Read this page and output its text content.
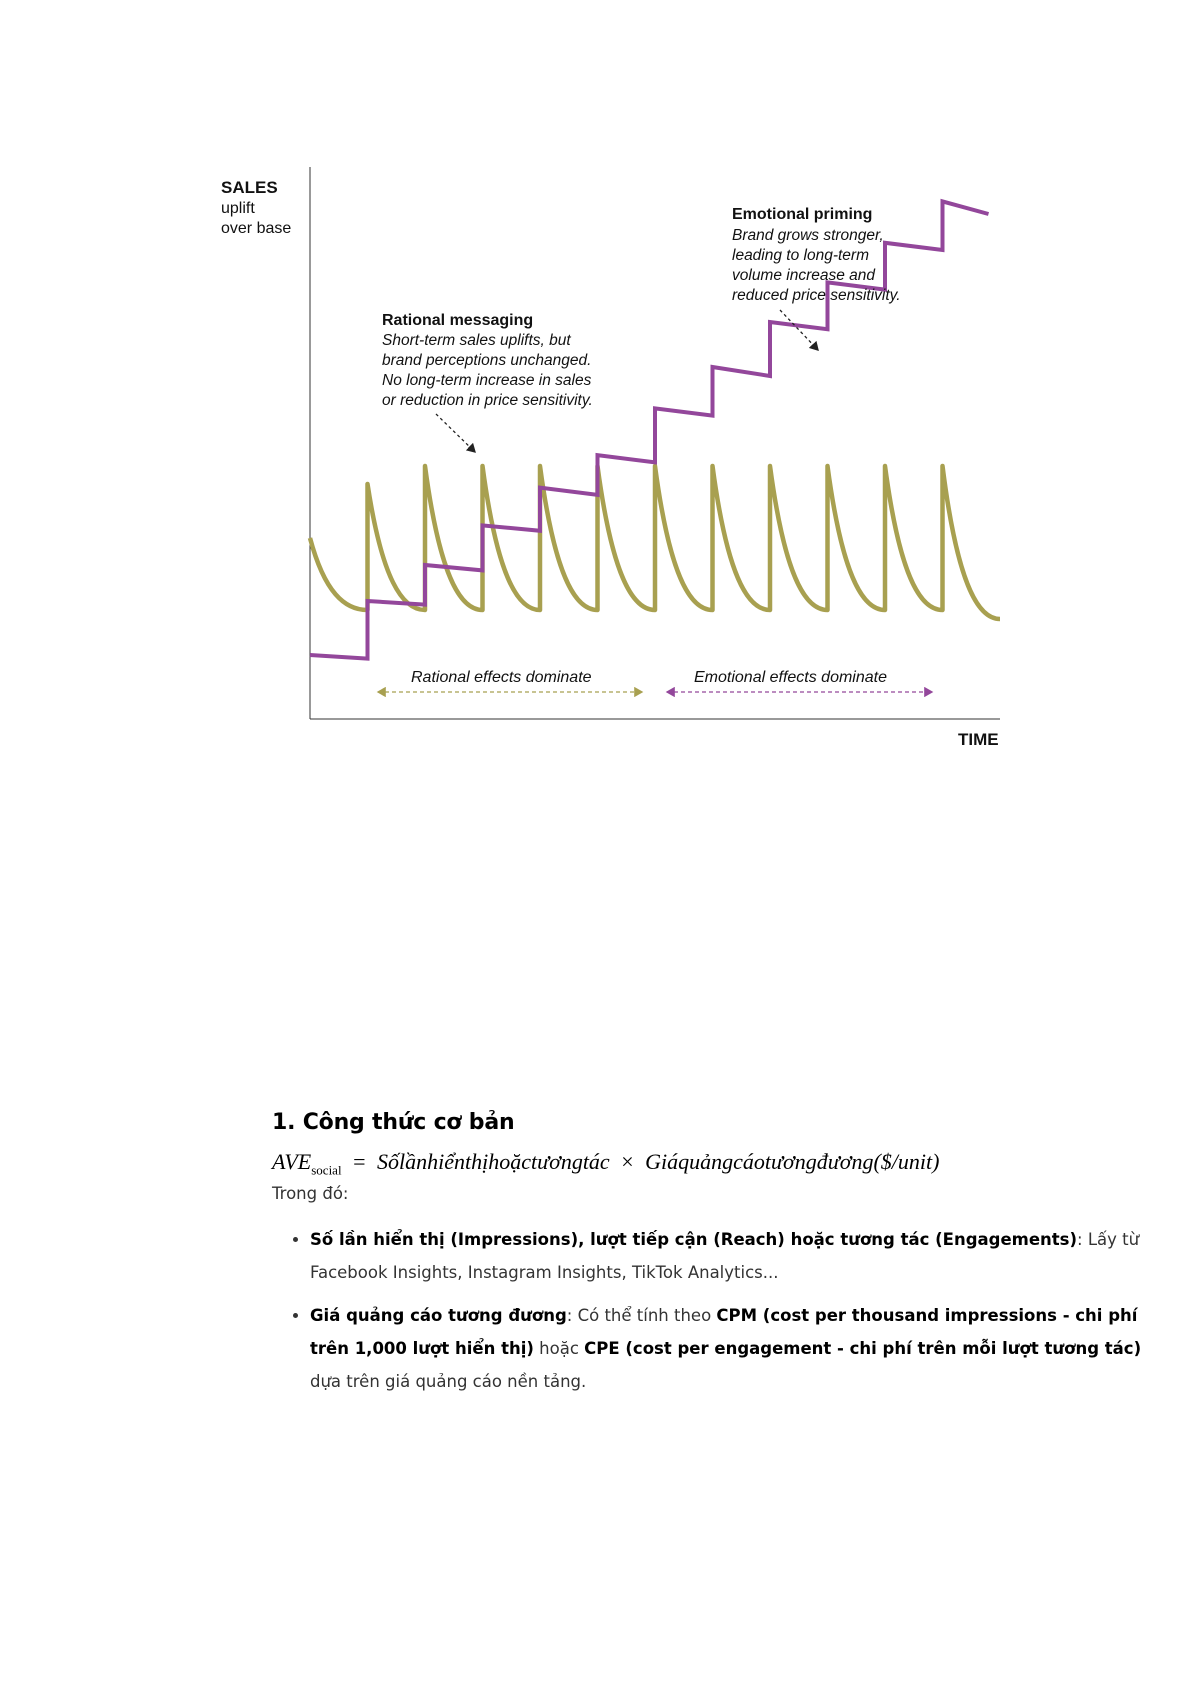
SALES
uplift
over base
TIME
Rational messaging
Short-term sales uplifts, but
brand perceptions unchanged.
No long-term increase in sales
or reduction in price sensitivity.
Emotional priming
Brand grows stronger,
leading to long-term
volume increase and
reduced price sensitivity.
Rational effects dominate	Emotional effects dominate
1. Công thức cơ bản
$AVE_{social}$ = Sốlầnhiểnthịhoặctươngtác × Giáquảngcáotươngđương($/unit)

Trong đó:

• Số lần hiển thị (Impressions), lượt tiếp cận (Reach) hoặc tương tác (Engagements): Lấy từ Facebook Insights, Instagram Insights, TikTok Analytics...
• Giá quảng cáo tương đương: Có thể tính theo CPM (cost per thousand impressions - chi phí trên 1,000 lượt hiển thị) hoặc CPE (cost per engagement - chi phí trên mỗi lượt tương tác) dựa trên giá quảng cáo nền tảng.
